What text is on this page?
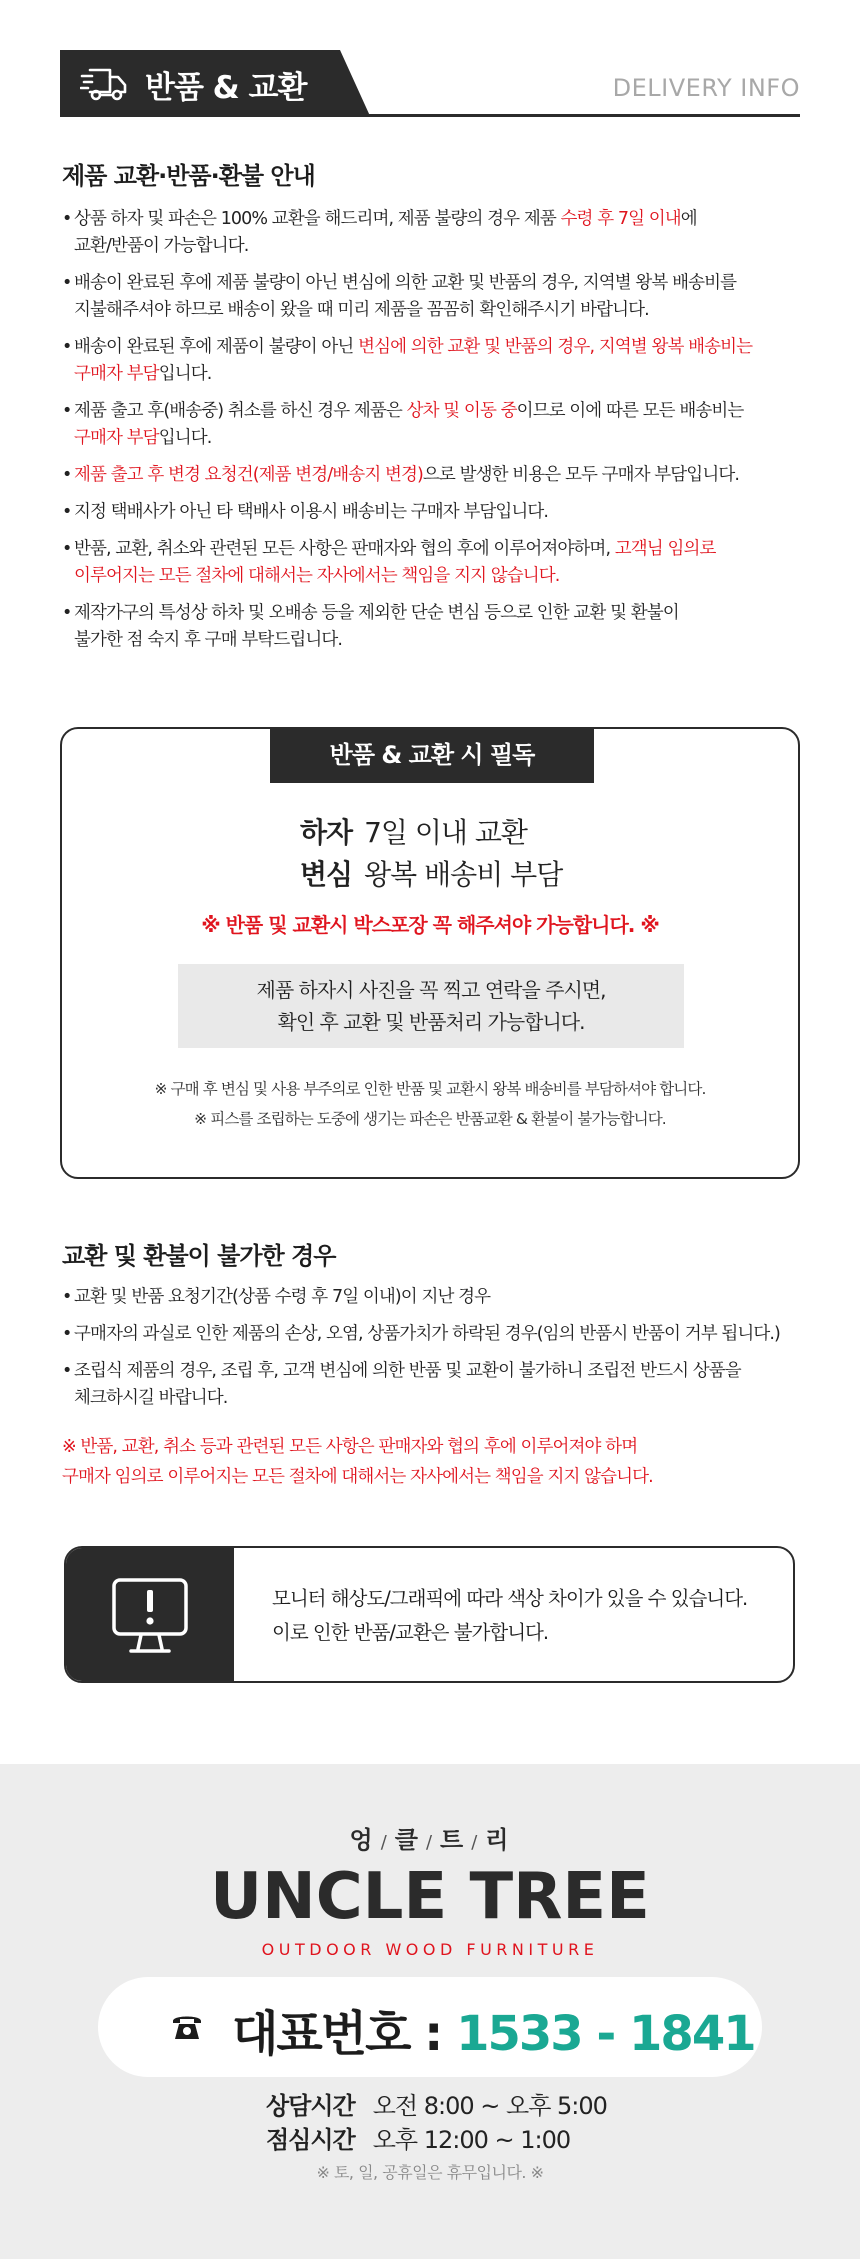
반품 & 교환	DELIVERY INFO
제품 교환·반품·환불 안내
• 상품 하자 및 파손은 100% 교환을 해드리며, 제품 불량의 경우 제품 수령 후 7일 이내에
교환/반품이 가능합니다.
• 배송이 완료된 후에 제품 불량이 아닌 변심에 의한 교환 및 반품의 경우, 지역별 왕복 배송비를
지불해주셔야 하므로 배송이 왔을 때 미리 제품을 꼼꼼히 확인해주시기 바랍니다.
• 배송이 완료된 후에 제품이 불량이 아닌 변심에 의한 교환 및 반품의 경우, 지역별 왕복 배송비는
구매자 부담입니다.
• 제품 출고 후(배송중) 취소를 하신 경우 제품은 상차 및 이동 중이므로 이에 따른 모든 배송비는
구매자 부담입니다.
• 제품 출고 후 변경 요청건(제품 변경/배송지 변경)으로 발생한 비용은 모두 구매자 부담입니다.
• 지정 택배사가 아닌 타 택배사 이용시 배송비는 구매자 부담입니다.
• 반품, 교환, 취소와 관련된 모든 사항은 판매자와 협의 후에 이루어져야하며, 고객님 임의로
이루어지는 모든 절차에 대해서는 자사에서는 책임을 지지 않습니다.
• 제작가구의 특성상 하차 및 오배송 등을 제외한 단순 변심 등으로 인한 교환 및 환불이
불가한 점 숙지 후 구매 부탁드립니다.
반품 & 교환 시 필독
하자 7일 이내 교환
변심 왕복 배송비 부담
※ 반품 및 교환시 박스포장 꼭 해주셔야 가능합니다. ※
제품 하자시 사진을 꼭 찍고 연락을 주시면,
확인 후 교환 및 반품처리 가능합니다.
※ 구매 후 변심 및 사용 부주의로 인한 반품 및 교환시 왕복 배송비를 부담하셔야 합니다.
※ 피스를 조립하는 도중에 생기는 파손은 반품교환 & 환불이 불가능합니다.
교환 및 환불이 불가한 경우
• 교환 및 반품 요청기간(상품 수령 후 7일 이내)이 지난 경우
• 구매자의 과실로 인한 제품의 손상, 오염, 상품가치가 하락된 경우(임의 반품시 반품이 거부 됩니다.)
• 조립식 제품의 경우, 조립 후, 고객 변심에 의한 반품 및 교환이 불가하니 조립전 반드시 상품을
체크하시길 바랍니다.
※ 반품, 교환, 취소 등과 관련된 모든 사항은 판매자와 협의 후에 이루어져야 하며
구매자 임의로 이루어지는 모든 절차에 대해서는 자사에서는 책임을 지지 않습니다.
모니터 해상도/그래픽에 따라 색상 차이가 있을 수 있습니다.
이로 인한 반품/교환은 불가합니다.
엉 / 클 / 트 / 리
UNCLE TREE
OUTDOOR WOOD FURNITURE
대표번호 : 1533 - 1841
상담시간 오전 8:00 ~ 오후 5:00
점심시간 오후 12:00 ~ 1:00
※ 토, 일, 공휴일은 휴무입니다. ※
